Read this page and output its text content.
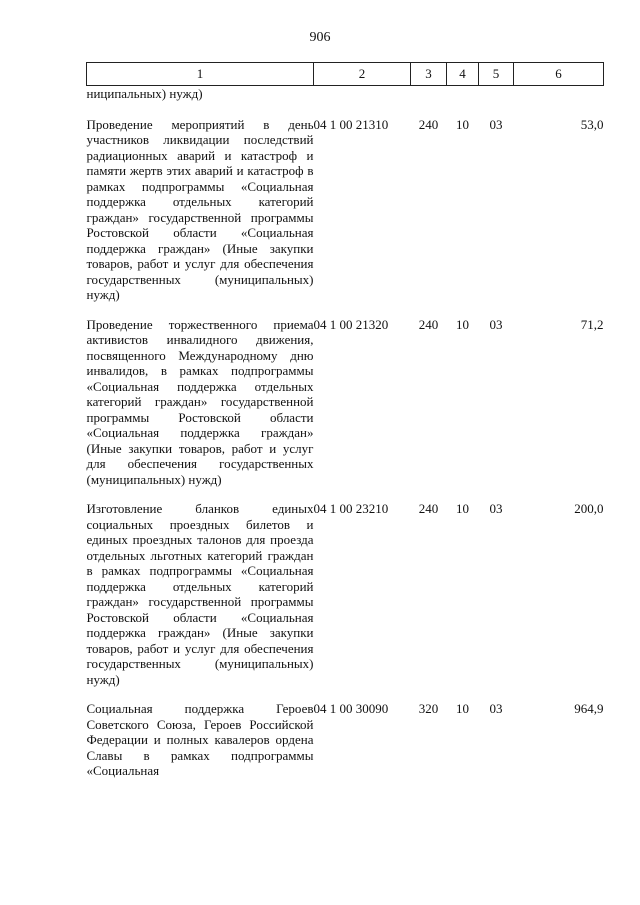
906
1	2	3	4	5	6
ниципальных) нужд)					
Проведение мероприятий в день участников ликвидации последствий радиационных аварий и катастроф и памяти жертв этих аварий и катастроф в рамках подпрограммы «Социальная поддержка отдельных категорий граждан» государственной программы Ростовской области «Социальная поддержка граждан» (Иные закупки товаров, работ и услуг для обеспечения государственных (муниципальных) нужд)	04 1 00 21310	240	10	03	53,0
Проведение торжественного приема активистов инвалидного движения, посвященного Международному дню инвалидов, в рамках подпрограммы «Социальная поддержка отдельных категорий граждан» государственной программы Ростовской области «Социальная поддержка граждан» (Иные закупки товаров, работ и услуг для обеспечения государственных (муниципальных) нужд)	04 1 00 21320	240	10	03	71,2
Изготовление бланков единых социальных проездных билетов и единых проездных талонов для проезда отдельных льготных категорий граждан в рамках подпрограммы «Социальная поддержка отдельных категорий граждан» государственной программы Ростовской области «Социальная поддержка граждан» (Иные закупки товаров, работ и услуг для обеспечения государственных (муниципальных) нужд)	04 1 00 23210	240	10	03	200,0
Социальная поддержка Героев Советского Союза, Героев Российской Федерации и полных кавалеров ордена Славы в рамках подпрограммы «Социальная	04 1 00 30090	320	10	03	964,9
